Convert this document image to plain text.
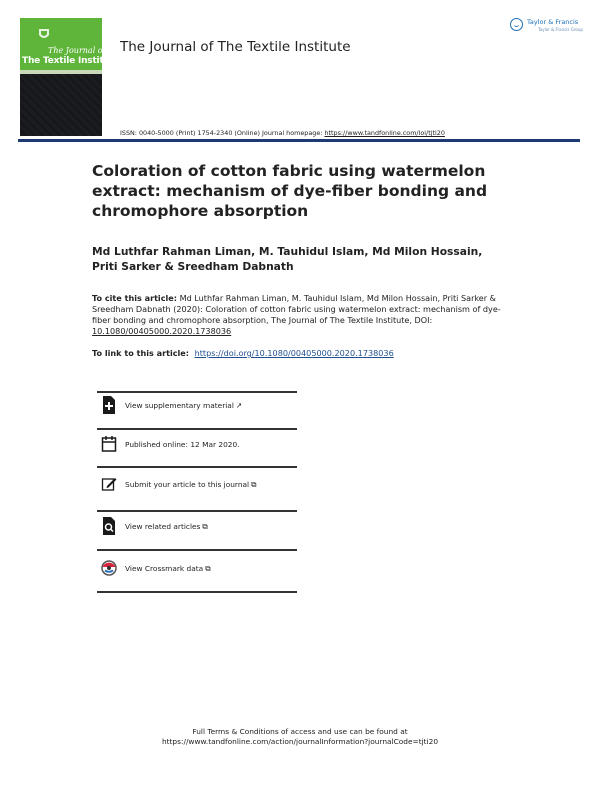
The Journal of
The Textile Institute
The Journal of The Textile Institute
Taylor & Francis
Taylor & Francis Group
ISSN: 0040-5000 (Print) 1754-2340 (Online) Journal homepage: https://www.tandfonline.com/loi/tjti20
Coloration of cotton fabric using watermelon extract: mechanism of dye-fiber bonding and chromophore absorption

Md Luthfar Rahman Liman, M. Tauhidul Islam, Md Milon Hossain, Priti Sarker & Sreedham Dabnath

To cite this article: Md Luthfar Rahman Liman, M. Tauhidul Islam, Md Milon Hossain, Priti Sarker & Sreedham Dabnath (2020): Coloration of cotton fabric using watermelon extract: mechanism of dye-fiber bonding and chromophore absorption, The Journal of The Textile Institute, DOI: 10.1080/00405000.2020.1738036
To link to this article: https://doi.org/10.1080/00405000.2020.1738036
View supplementary material ↗
Published online: 12 Mar 2020.
Submit your article to this journal ⧉
View related articles ⧉
View Crossmark data ⧉
Full Terms & Conditions of access and use can be found at
https://www.tandfonline.com/action/journalInformation?journalCode=tjti20
